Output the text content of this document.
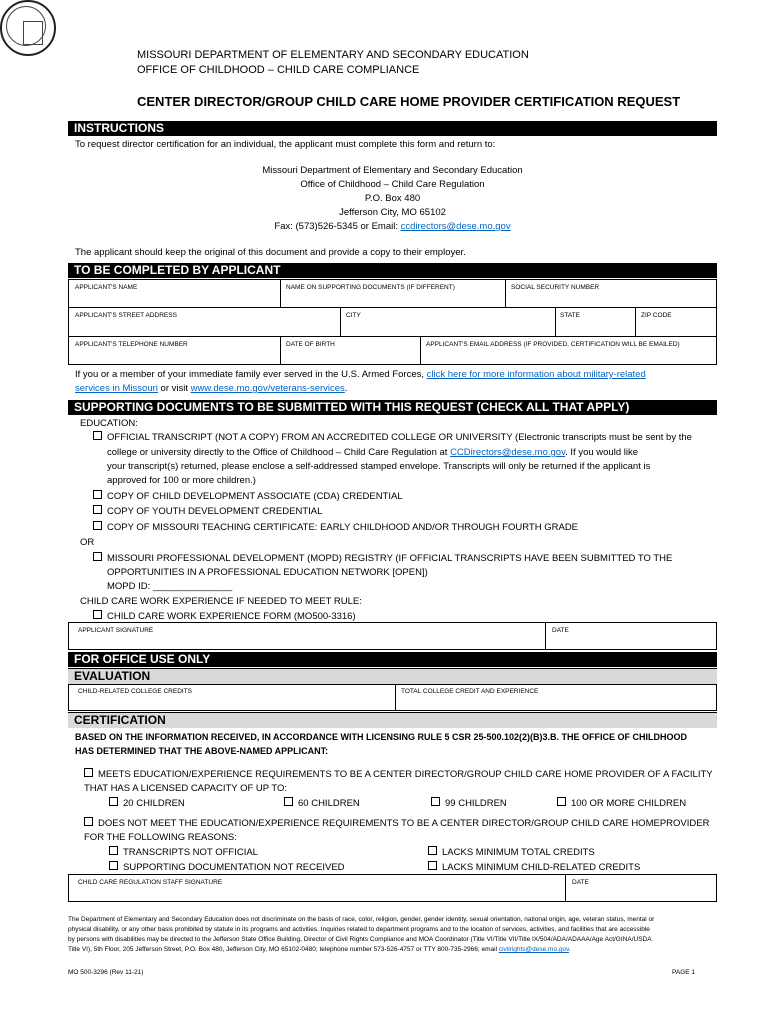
MISSOURI DEPARTMENT OF ELEMENTARY AND SECONDARY EDUCATION
OFFICE OF CHILDHOOD – CHILD CARE COMPLIANCE
CENTER DIRECTOR/GROUP CHILD CARE HOME PROVIDER CERTIFICATION REQUEST
INSTRUCTIONS
To request director certification for an individual, the applicant must complete this form and return to:
Missouri Department of Elementary and Secondary Education
Office of Childhood – Child Care Regulation
P.O. Box 480
Jefferson City, MO 65102
Fax: (573)526-5345 or Email: ccdirectors@dese.mo.gov
The applicant should keep the original of this document and provide a copy to their employer.
TO BE COMPLETED BY APPLICANT
APPLICANT'S NAME	NAME ON SUPPORTING DOCUMENTS (IF DIFFERENT)	SOCIAL SECURITY NUMBER
APPLICANT'S STREET ADDRESS	CITY	STATE	ZIP CODE
APPLICANT'S TELEPHONE NUMBER	DATE OF BIRTH	APPLICANT'S EMAIL ADDRESS (IF PROVIDED, CERTIFICATION WILL BE EMAILED)
If you or a member of your immediate family ever served in the U.S. Armed Forces, click here for more information about military-related
services in Missouri or visit www.dese.mo.gov/veterans-services.
SUPPORTING DOCUMENTS TO BE SUBMITTED WITH THIS REQUEST (CHECK ALL THAT APPLY)
EDUCATION:
OFFICIAL TRANSCRIPT (NOT A COPY) FROM AN ACCREDITED COLLEGE OR UNIVERSITY (Electronic transcripts must be sent by the
college or university directly to the Office of Childhood – Child Care Regulation at CCDirectors@dese.mo.gov. If you would like
your transcript(s) returned, please enclose a self-addressed stamped envelope. Transcripts will only be returned if the applicant is
approved for 100 or more children.)
COPY OF CHILD DEVELOPMENT ASSOCIATE (CDA) CREDENTIAL
COPY OF YOUTH DEVELOPMENT CREDENTIAL
COPY OF MISSOURI TEACHING CERTIFICATE: EARLY CHILDHOOD AND/OR THROUGH FOURTH GRADE
OR
MISSOURI PROFESSIONAL DEVELOPMENT (MOPD) REGISTRY (IF OFFICIAL TRANSCRIPTS HAVE BEEN SUBMITTED TO THE
OPPORTUNITIES IN A PROFESSIONAL EDUCATION NETWORK [OPEN])
MOPD ID: _______________
CHILD CARE WORK EXPERIENCE IF NEEDED TO MEET RULE:
CHILD CARE WORK EXPERIENCE FORM (MO500-3316)
APPLICANT SIGNATURE	DATE
FOR OFFICE USE ONLY
EVALUATION
CHILD-RELATED COLLEGE CREDITS	TOTAL COLLEGE CREDIT AND EXPERIENCE
CERTIFICATION
BASED ON THE INFORMATION RECEIVED, IN ACCORDANCE WITH LICENSING RULE 5 CSR 25-500.102(2)(B)3.B. THE OFFICE OF CHILDHOOD
HAS DETERMINED THAT THE ABOVE-NAMED APPLICANT:
MEETS EDUCATION/EXPERIENCE REQUIREMENTS TO BE A CENTER DIRECTOR/GROUP CHILD CARE HOME PROVIDER OF A FACILITY
THAT HAS A LICENSED CAPACITY OF UP TO:
20 CHILDREN	60 CHILDREN	99 CHILDREN	100 OR MORE CHILDREN
DOES NOT MEET THE EDUCATION/EXPERIENCE REQUIREMENTS TO BE A CENTER DIRECTOR/GROUP CHILD CARE HOMEPROVIDER
FOR THE FOLLOWING REASONS:
TRANSCRIPTS NOT OFFICIAL	LACKS MINIMUM TOTAL CREDITS
SUPPORTING DOCUMENTATION NOT RECEIVED	LACKS MINIMUM CHILD-RELATED CREDITS
CHILD CARE REGULATION STAFF SIGNATURE	DATE
The Department of Elementary and Secondary Education does not discriminate on the basis of race, color, religion, gender, gender identity, sexual orientation, national origin, age, veteran status, mental or
physical disability, or any other basis prohibited by statute in its programs and activities. Inquiries related to department programs and to the location of services, activities, and facilities that are accessible
by persons with disabilities may be directed to the Jefferson State Office Building, Director of Civil Rights Compliance and MOA Coordinator (Title VI/Title VII/Title IX/504/ADA/ADAAA/Age Act/GINA/USDA
Title VI), 5th Floor, 205 Jefferson Street, P.O. Box 480, Jefferson City, MO 65102-0480; telephone number 573-526-4757 or TTY 800-735-2966; email civilrights@dese.mo.gov.
MO 500-3296 (Rev 11-21)	PAGE 1
